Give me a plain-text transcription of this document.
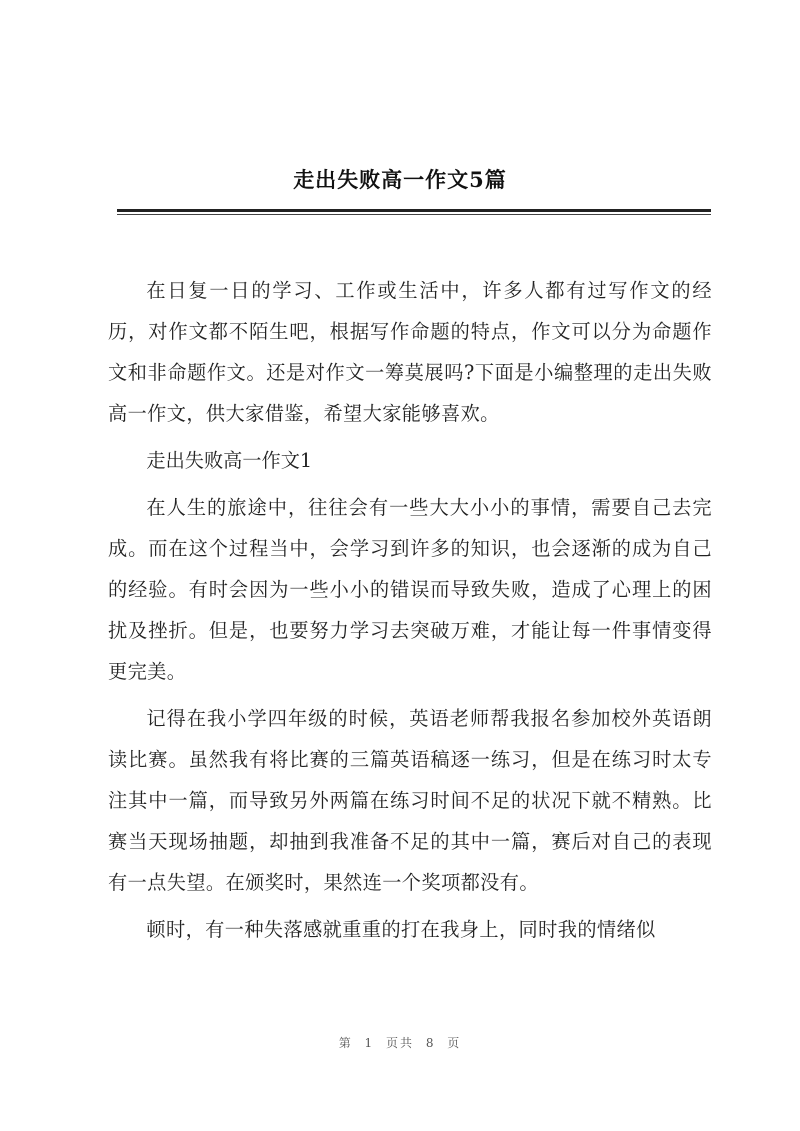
走出失败高一作文5篇

在日复一日的学习、工作或生活中，许多人都有过写作文的经历，对作文都不陌生吧，根据写作命题的特点，作文可以分为命题作文和非命题作文。还是对作文一筹莫展吗?下面是小编整理的走出失败高一作文，供大家借鉴，希望大家能够喜欢。

走出失败高一作文1

在人生的旅途中，往往会有一些大大小小的事情，需要自己去完成。而在这个过程当中，会学习到许多的知识，也会逐渐的成为自己的经验。有时会因为一些小小的错误而导致失败，造成了心理上的困扰及挫折。但是，也要努力学习去突破万难，才能让每一件事情变得更完美。

记得在我小学四年级的时候，英语老师帮我报名参加校外英语朗读比赛。虽然我有将比赛的三篇英语稿逐一练习，但是在练习时太专注其中一篇，而导致另外两篇在练习时间不足的状况下就不精熟。比赛当天现场抽题，却抽到我准备不足的其中一篇，赛后对自己的表现有一点失望。在颁奖时，果然连一个奖项都没有。

顿时，有一种失落感就重重的打在我身上，同时我的情绪似

第 1 页共 8 页
